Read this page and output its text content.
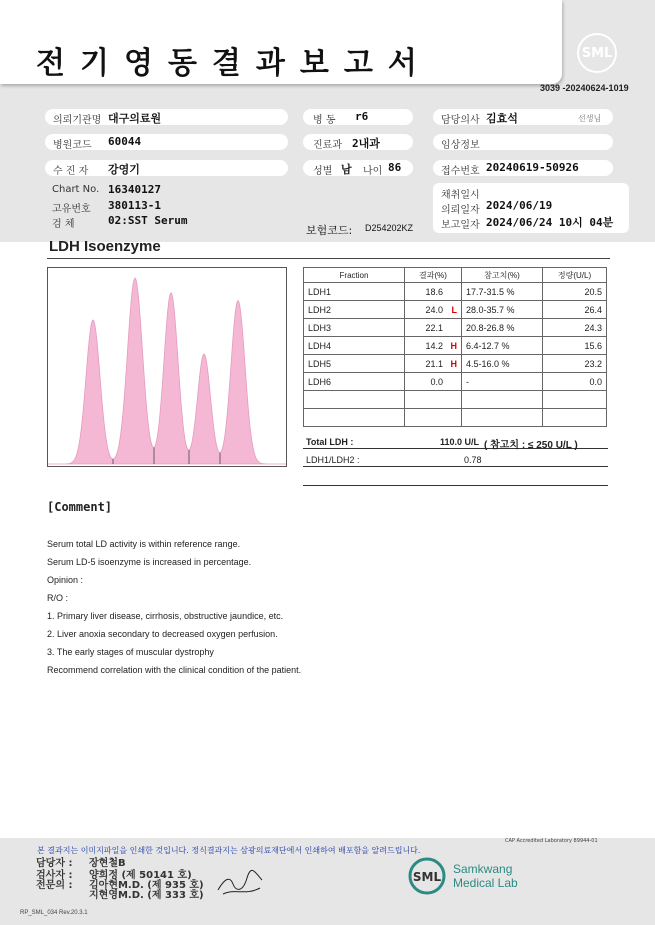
전기영동결과보고서	SML
3039 -20240624-1019
의뢰기관명 대구의료원	병 동 r6	담당의사 김효석	선생님
병원코드 60044	진료과 2내과	임상정보
수 진 자 강영기	성별 남 나이 86	접수번호 20240619-50926
Chart No. 16340127
고유번호 380113-1
검 체	02:SST Serum
보험코드: D254202KZ
채취일시
의뢰일자 2024/06/19
보고일자 2024/06/24 10시 04분
LDH Isoenzyme
Fraction	결과(%)	참고치(%)	정량(U/L)
LDH1	18.6	17.7-31.5 %	20.5
LDH2	24.0 L	28.0-35.7 %	26.4
LDH3	22.1	20.8-26.8 %	24.3
LDH4	14.2 H	6.4-12.7 %	15.6
LDH5	21.1 H	4.5-16.0 %	23.2
LDH6	0.0	-	0.0

Total LDH :	110.0 U/L ( 참고치 : ≤ 250 U/L )
LDH1/LDH2 :	0.78
[Comment]
Serum total LD activity is within reference range.
Serum LD-5 isoenzyme is increased in percentage.
Opinion :
R/O :
1. Primary liver disease, cirrhosis, obstructive jaundice, etc.
2. Liver anoxia secondary to decreased oxygen perfusion.
3. The early stages of muscular dystrophy
Recommend correlation with the clinical condition of the patient.
CAP Accredited Laboratory 89944-01
본 결과지는 이미지파일을 인쇄한 것입니다. 정식결과지는 삼광의료재단에서 인쇄하여 배포함을 알려드립니다.
담당자 : 장현철B
검사자 : 양희정 (제 50141 호)
전문의 : 김아현M.D. (제 935 호)
지현영M.D. (제 333 호)
SML
Samkwang
Medical Lab
RP_SML_034 Rev.20.3.1
